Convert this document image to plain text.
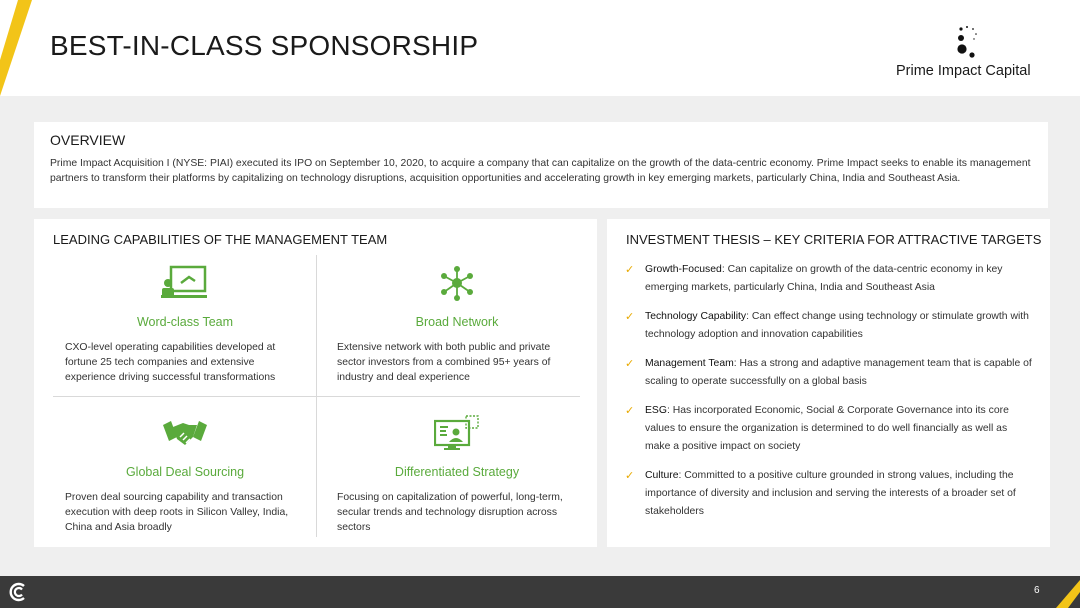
BEST-IN-CLASS SPONSORSHIP
Prime Impact Capital
OVERVIEW

Prime Impact Acquisition I (NYSE: PIAI) executed its IPO on September 10, 2020, to acquire a company that can capitalize on the growth of the data-centric economy. Prime Impact seeks to enable its management partners to transform their platforms by capitalizing on technology disruptions, acquisition opportunities and accelerating growth in key emerging markets, particularly China, India and Southeast Asia.

LEADING CAPABILITIES OF THE MANAGEMENT TEAM
Word-class Team

CXO-level operating capabilities developed at fortune 25 tech companies and extensive experience driving successful transformations

Broad Network

Extensive network with both public and private sector investors from a combined 95+ years of industry and deal experience

Global Deal Sourcing

Proven deal sourcing capability and transaction execution with deep roots in Silicon Valley, India, China and Asia broadly

Differentiated Strategy

Focusing on capitalization of powerful, long-term, secular trends and technology disruption across sectors

INVESTMENT THESIS – KEY CRITERIA FOR ATTRACTIVE TARGETS
✓ Growth-Focused: Can capitalize on growth of the data-centric economy in key emerging markets, particularly China, India and Southeast Asia
✓ Technology Capability: Can effect change using technology or stimulate growth with technology adoption and innovation capabilities
✓ Management Team: Has a strong and adaptive management team that is capable of scaling to operate successfully on a global basis
✓ ESG: Has incorporated Economic, Social & Corporate Governance into its core values to ensure the organization is determined to do well financially as well as make a positive impact on society
✓ Culture: Committed to a positive culture grounded in strong values, including the importance of diversity and inclusion and serving the interests of a broader set of stakeholders
6
